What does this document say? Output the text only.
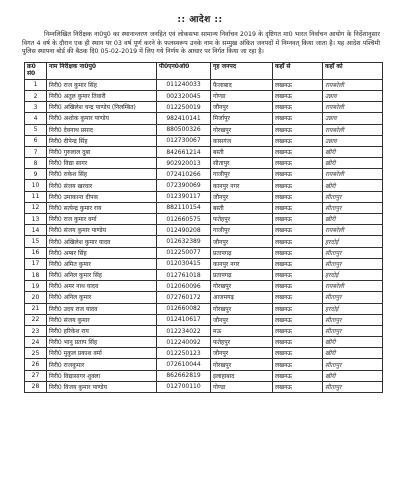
:: आदेश ::

निम्नलिखित निरीक्षक ना0पु0 का स्थानान्तरण जनहित एवं लोकसभा सामान्य निर्वाचन 2019 के दृष्टिगत मा0 भारत निर्वाचन आयोग के निर्देशानुसार विगत 4 वर्ष के दौरान एक ही स्थान पर 03 वर्ष पूर्ण करने के फलस्वरूप उनके नाम के सम्मुख अंकित जनपदों में निम्नवत् किया जाता है। यह आदेश पश्चिमी पुलिस स्थापना बोर्ड की बैठक दि0 05-02-2019 में लिए गये निर्णय के आधार पर निर्गत किया जा रहा है।

क्र0 सं0	नाम निरीक्षक ना0पु0	पी0एन0ओ0	गृह जनपद	कहाँ से	कहाँ को
1	निरी0 राज कुमार सिंह	011240033	फैजाबाद	लखनऊ	रायबरेली
2	निरी0 अतुल कुमार तिवारी	002320045	गोण्डा	लखनऊ	उन्नाव
3	निरी0 अखिलेश चन्द्र पाण्डेय (निलम्बित)	012250019	जौनपुर	लखनऊ	रायबरेली
4	निरी0 अशोक कुमार पाण्डेय	982410141	मिर्जापुर	लखनऊ	उन्नाव
5	निरी0 देवनाथ प्रसाद	880500326	गोरखपुर	लखनऊ	रायबरेली
6	निरी0 दीपेन्द्र सिंह	012730067	कासगंज	लखनऊ	उन्नाव
7	निरी0 गुरुलाल दुबा	842661214	बस्ती	लखनऊ	खीरी
8	निरी0 विद्या सागर	902920013	सीतापुर	लखनऊ	खीरी
9	निरी0 राकेश सिंह	072410266	गाजीपुर	लखनऊ	रायबरेली
10	निरी0 संजय खरवार	072390069	कानपुर नगर	लखनऊ	खीरी
11	निरी0 उमाकान्त दीपक	012390117	जौनपुर	लखनऊ	सीतापुर
12	निरी0 सत्येन्द्र कुमार राय	882110154	बस्ती	लखनऊ	सीतापुर
13	निरी0 राज कुमार वर्मा	012660575	फतेहपुर	लखनऊ	खीरी
14	निरी0 संजय कुमार पाण्डेय	012490208	गाजीपुर	लखनऊ	रायबरेली
15	निरी0 अखिलेश कुमार यादव	012632389	जौनपुर	लखनऊ	हरदोई
16	निरी0 अम्बर सिंह	012250077	प्रतापगढ़	लखनऊ	सीतापुर
17	निरी0 अमित कुमार	012030415	कानपुर नगर	लखनऊ	सीतापुर
18	निरी0 अनिल कुमार सिंह	012761018	प्रतापगढ़	लखनऊ	हरदोई
19	निरी0 अमर नाथ यादव	012060096	गोरखपुर	लखनऊ	रायबरेली
20	निरी0 अनिल कुमार	072760172	आजमगढ़	लखनऊ	सीतापुर
21	निरी0 उदय राज यादव	012660082	गोरखपुर	लखनऊ	हरदोई
22	निरी0 संजय कुमार	012410617	जौनपुर	लखनऊ	सीतापुर
23	निरी0 हरिकेश राय	012234022	मऊ	लखनऊ	सीतापुर
24	निरी0 भानु प्रताप सिंह	012240092	फतेहपुर	लखनऊ	खीरी
25	निरी0 मुकुल प्रकाश वर्मा	012250123	जौनपुर	लखनऊ	खीरी
26	निरी0 राजकुमार	072610044	गोरखपुर	लखनऊ	सीतापुर
27	निरी0 विद्यासागर शुक्ला	862662819	इलाहाबाद	लखनऊ	खीरी
28	निरी0 विजय कुमार पाण्डेय	012700110	गोण्डा	लखनऊ	सीतापुर
